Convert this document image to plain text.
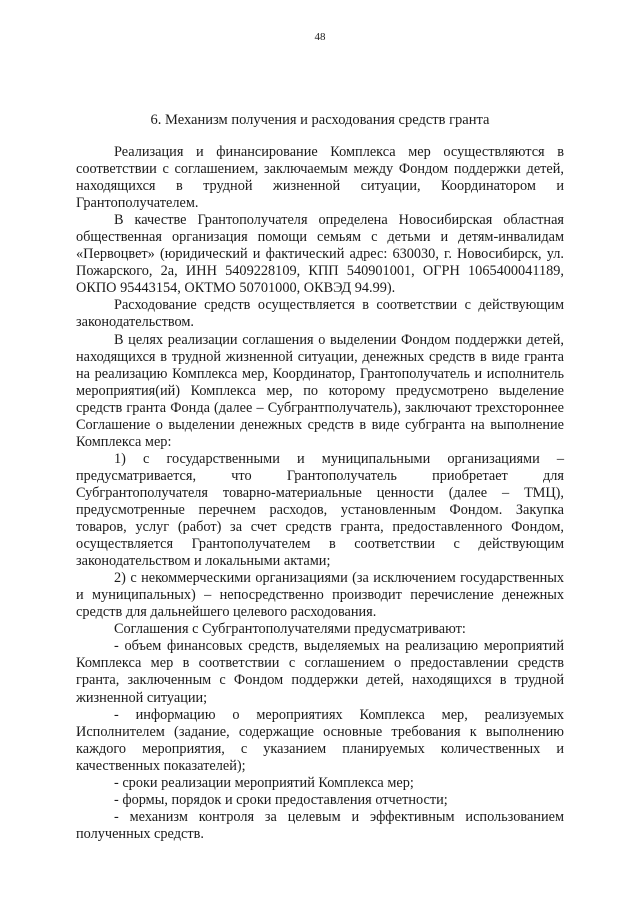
48
6. Механизм получения и расходования средств гранта

Реализация и финансирование Комплекса мер осуществляются в соответствии с соглашением, заключаемым между Фондом поддержки детей, находящихся в трудной жизненной ситуации, Координатором и Грантополучателем.

В качестве Грантополучателя определена Новосибирская областная общественная организация помощи семьям с детьми и детям-инвалидам «Первоцвет» (юридический и фактический адрес: 630030, г. Новосибирск, ул. Пожарского, 2а, ИНН 5409228109, КПП 540901001, ОГРН 1065400041189, ОКПО 95443154, ОКТМО 50701000, ОКВЭД 94.99).

Расходование средств осуществляется в соответствии с действующим законодательством.

В целях реализации соглашения о выделении Фондом поддержки детей, находящихся в трудной жизненной ситуации, денежных средств в виде гранта на реализацию Комплекса мер, Координатор, Грантополучатель и исполнитель мероприятия(ий) Комплекса мер, по которому предусмотрено выделение средств гранта Фонда (далее – Субгрантполучатель), заключают трехстороннее Соглашение о выделении денежных средств в виде субгранта на выполнение Комплекса мер:

1) с государственными и муниципальными организациями – предусматривается, что Грантополучатель приобретает для Субгрантополучателя товарно-материальные ценности (далее – ТМЦ), предусмотренные перечнем расходов, установленным Фондом. Закупка товаров, услуг (работ) за счет средств гранта, предоставленного Фондом, осуществляется Грантополучателем в соответствии с действующим законодательством и локальными актами;

2) с некоммерческими организациями (за исключением государственных и муниципальных) – непосредственно производит перечисление денежных средств для дальнейшего целевого расходования.

Соглашения с Субгрантополучателями предусматривают:

- объем финансовых средств, выделяемых на реализацию мероприятий Комплекса мер в соответствии с соглашением о предоставлении средств гранта, заключенным с Фондом поддержки детей, находящихся в трудной жизненной ситуации;

- информацию о мероприятиях Комплекса мер, реализуемых Исполнителем (задание, содержащие основные требования к выполнению каждого мероприятия, с указанием планируемых количественных и качественных показателей);

- сроки реализации мероприятий Комплекса мер;

- формы, порядок и сроки предоставления отчетности;

- механизм контроля за целевым и эффективным использованием полученных средств.
